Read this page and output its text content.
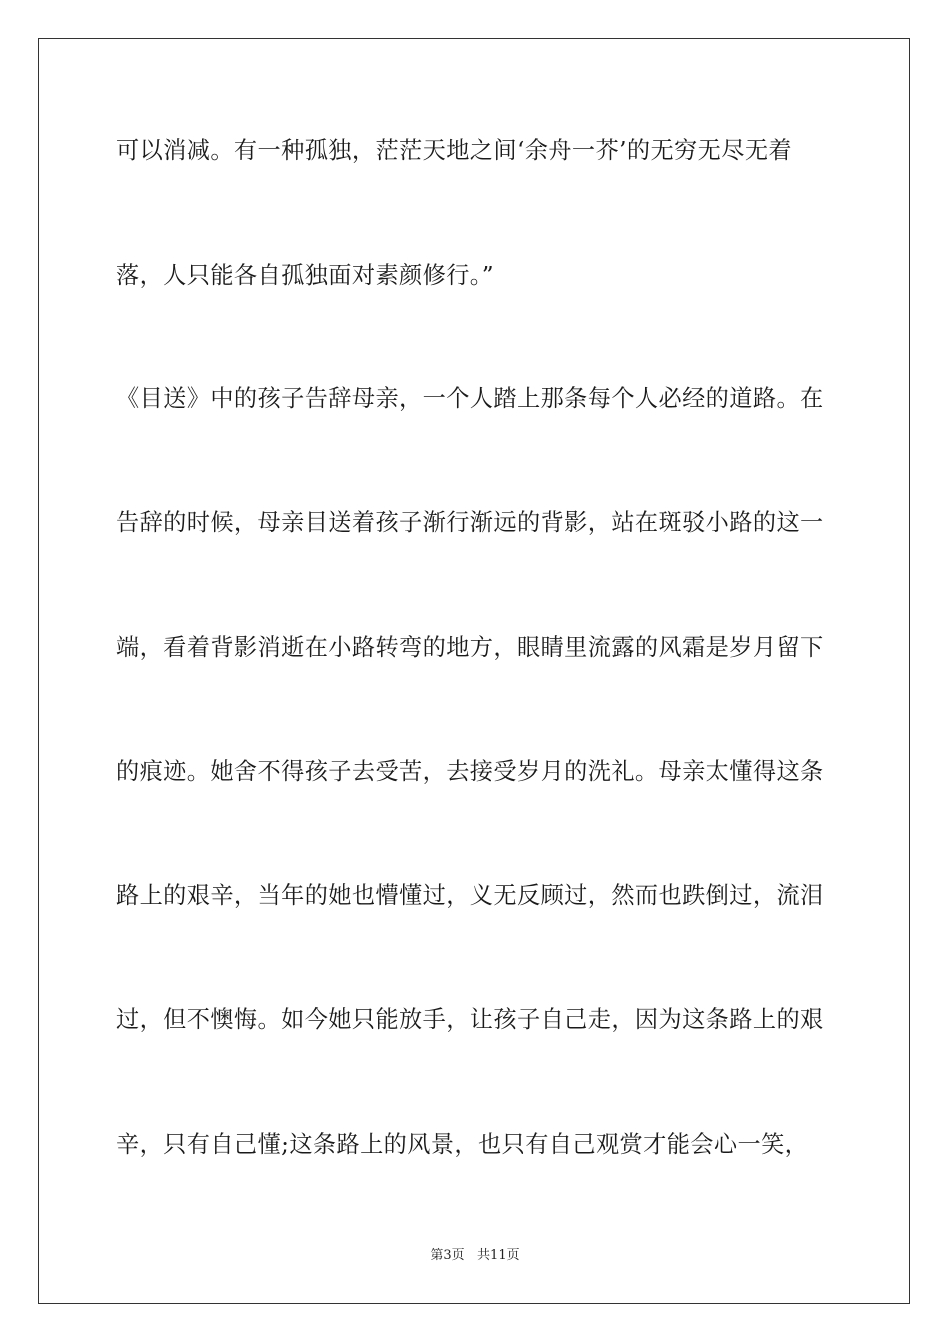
可以消减。有一种孤独，茫茫天地之间‘余舟一芥’的无穷无尽无着
落，人只能各自孤独面对素颜修行。”
《目送》中的孩子告辞母亲，一个人踏上那条每个人必经的道路。在
告辞的时候，母亲目送着孩子渐行渐远的背影，站在斑驳小路的这一
端，看着背影消逝在小路转弯的地方，眼睛里流露的风霜是岁月留下
的痕迹。她舍不得孩子去受苦，去接受岁月的洗礼。母亲太懂得这条
路上的艰辛，当年的她也懵懂过，义无反顾过，然而也跌倒过，流泪
过，但不懊悔。如今她只能放手，让孩子自己走，因为这条路上的艰
辛，只有自己懂;这条路上的风景，也只有自己观赏才能会心一笑，
第3页   共11页
